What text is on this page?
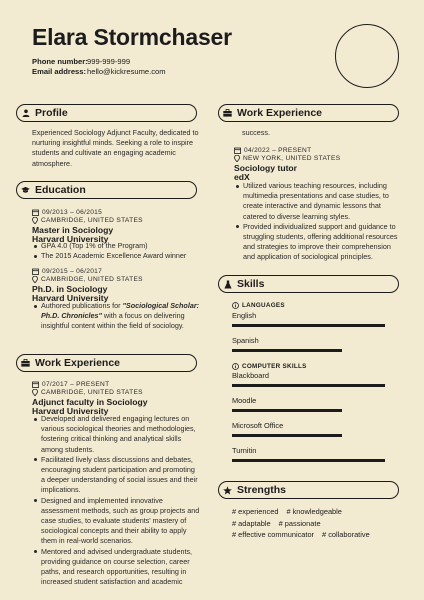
Elara Stormchaser
Phone number:999-999-999
Email address:hello@kickresume.com
Profile
Experienced Sociology Adjunct Faculty, dedicated to nurturing insightful minds. Seeking a role to inspire students and cultivate an engaging academic atmosphere.
Education
09/2013 – 06/2015
CAMBRIDGE, UNITED STATES
Master in Sociology
Harvard University
GPA 4.0 (Top 1% of the Program)
The 2015 Academic Excellence Award winner
09/2015 – 06/2017
CAMBRIDGE, UNITED STATES
Ph.D. in Sociology
Harvard University
Authored publications for "Sociological Scholar: Ph.D. Chronicles" with a focus on delivering insightful content within the field of sociology.
Work Experience
07/2017 – PRESENT
CAMBRIDGE, UNITED STATES
Adjunct faculty in Sociology
Harvard University
Developed and delivered engaging lectures on various sociological theories and methodologies, fostering critical thinking and analytical skills among students.
Facilitated lively class discussions and debates, encouraging student participation and promoting a deeper understanding of social issues and their implications.
Designed and implemented innovative assessment methods, such as group projects and case studies, to evaluate students' mastery of sociological concepts and their ability to apply them in real-world scenarios.
Mentored and advised undergraduate students, providing guidance on course selection, career paths, and research opportunities, resulting in increased student satisfaction and academic
Work Experience
success.
04/2022 – PRESENT
NEW YORK, UNITED STATES
Sociology tutor
edX
Utilized various teaching resources, including multimedia presentations and case studies, to create interactive and dynamic lessons that catered to diverse learning styles.
Provided individualized support and guidance to struggling students, offering additional resources and strategies to improve their comprehension and application of sociological principles.
Skills
LANGUAGES
English
Spanish
COMPUTER SKILLS
Blackboard
Moodle
Microsoft Office
Turnitin
Strengths
# experienced # knowledgeable
# adaptable # passionate
# effective communicator # collaborative
